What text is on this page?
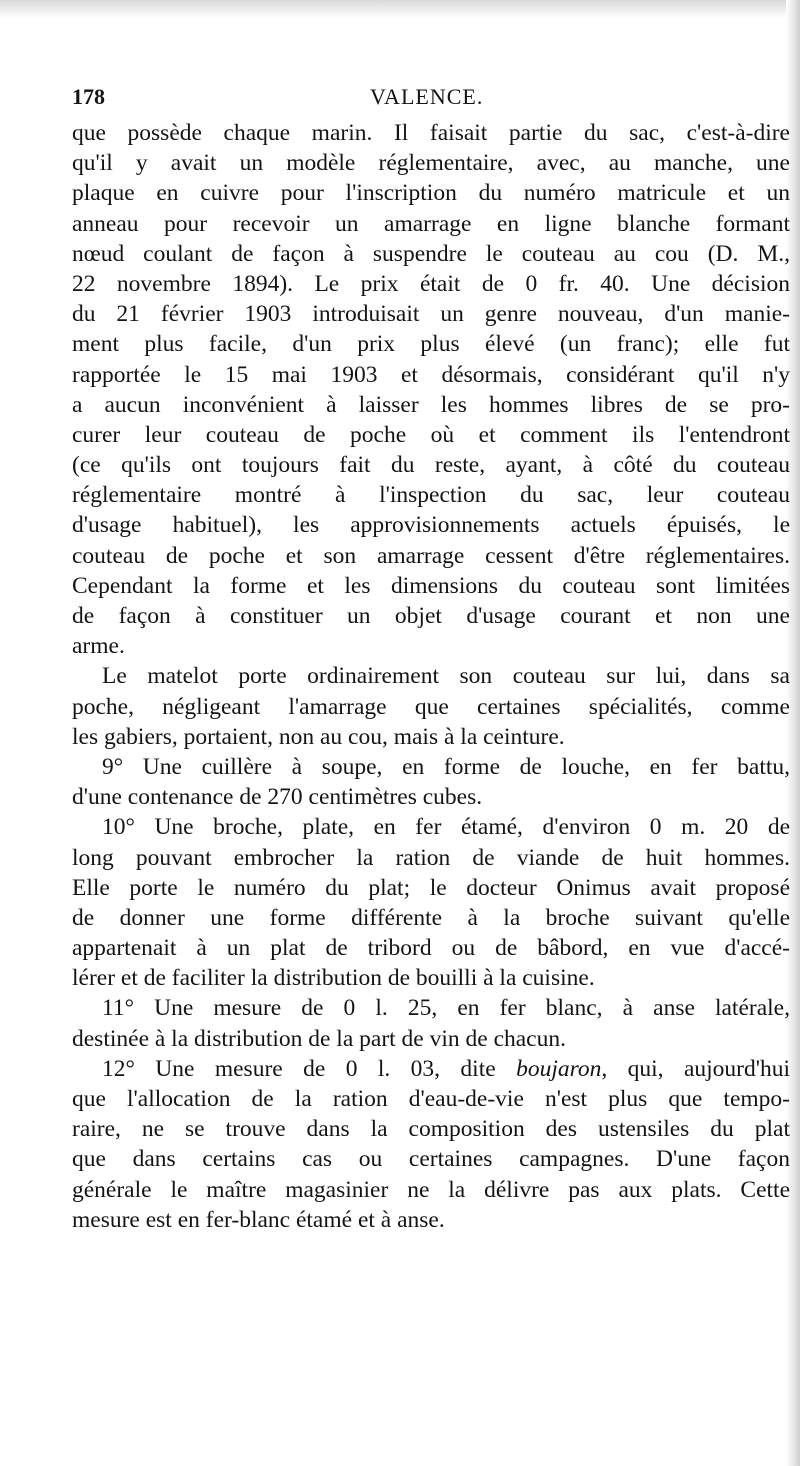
178	VALENCE.
que possède chaque marin. Il faisait partie du sac, c'est-à-dire
qu'il y avait un modèle réglementaire, avec, au manche, une
plaque en cuivre pour l'inscription du numéro matricule et un
anneau pour recevoir un amarrage en ligne blanche formant
nœud coulant de façon à suspendre le couteau au cou (D. M.,
22 novembre 1894). Le prix était de 0 fr. 40. Une décision
du 21 février 1903 introduisait un genre nouveau, d'un manie-
ment plus facile, d'un prix plus élevé (un franc); elle fut
rapportée le 15 mai 1903 et désormais, considérant qu'il n'y
a aucun inconvénient à laisser les hommes libres de se pro-
curer leur couteau de poche où et comment ils l'entendront
(ce qu'ils ont toujours fait du reste, ayant, à côté du couteau
réglementaire montré à l'inspection du sac, leur couteau
d'usage habituel), les approvisionnements actuels épuisés, le
couteau de poche et son amarrage cessent d'être réglementaires.
Cependant la forme et les dimensions du couteau sont limitées
de façon à constituer un objet d'usage courant et non une
arme.
Le matelot porte ordinairement son couteau sur lui, dans sa
poche, négligeant l'amarrage que certaines spécialités, comme
les gabiers, portaient, non au cou, mais à la ceinture.
9° Une cuillère à soupe, en forme de louche, en fer battu,
d'une contenance de 270 centimètres cubes.
10° Une broche, plate, en fer étamé, d'environ 0 m. 20 de
long pouvant embrocher la ration de viande de huit hommes.
Elle porte le numéro du plat; le docteur Onimus avait proposé
de donner une forme différente à la broche suivant qu'elle
appartenait à un plat de tribord ou de bâbord, en vue d'accé-
lérer et de faciliter la distribution de bouilli à la cuisine.
11° Une mesure de 0 l. 25, en fer blanc, à anse latérale,
destinée à la distribution de la part de vin de chacun.
12° Une mesure de 0 l. 03, dite boujaron, qui, aujourd'hui
que l'allocation de la ration d'eau-de-vie n'est plus que tempo-
raire, ne se trouve dans la composition des ustensiles du plat
que dans certains cas ou certaines campagnes. D'une façon
générale le maître magasinier ne la délivre pas aux plats. Cette
mesure est en fer-blanc étamé et à anse.
